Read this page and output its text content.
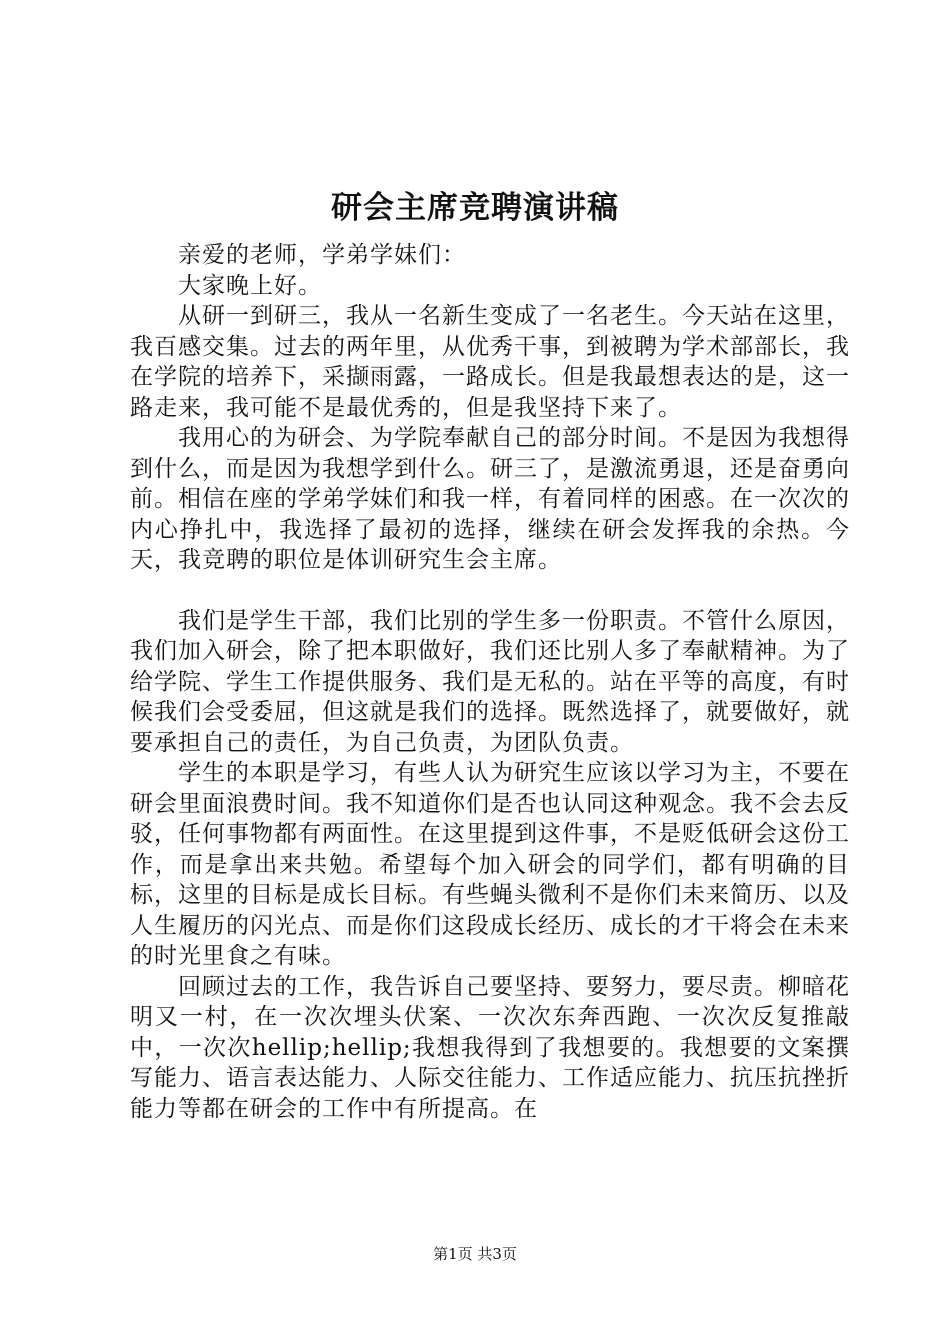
研会主席竞聘演讲稿

亲爱的老师，学弟学妹们：

大家晚上好。

从研一到研三，我从一名新生变成了一名老生。今天站在这里，我百感交集。过去的两年里，从优秀干事，到被聘为学术部部长，我在学院的培养下，采撷雨露，一路成长。但是我最想表达的是，这一路走来，我可能不是最优秀的，但是我坚持下来了。

我用心的为研会、为学院奉献自己的部分时间。不是因为我想得到什么，而是因为我想学到什么。研三了，是激流勇退，还是奋勇向前。相信在座的学弟学妹们和我一样，有着同样的困惑。在一次次的内心挣扎中，我选择了最初的选择，继续在研会发挥我的余热。今天，我竞聘的职位是体训研究生会主席。

我们是学生干部，我们比别的学生多一份职责。不管什么原因，我们加入研会，除了把本职做好，我们还比别人多了奉献精神。为了给学院、学生工作提供服务、我们是无私的。站在平等的高度，有时候我们会受委屈，但这就是我们的选择。既然选择了，就要做好，就要承担自己的责任，为自己负责，为团队负责。

学生的本职是学习，有些人认为研究生应该以学习为主，不要在研会里面浪费时间。我不知道你们是否也认同这种观念。我不会去反驳，任何事物都有两面性。在这里提到这件事，不是贬低研会这份工作，而是拿出来共勉。希望每个加入研会的同学们，都有明确的目标，这里的目标是成长目标。有些蝇头微利不是你们未来简历、以及人生履历的闪光点、而是你们这段成长经历、成长的才干将会在未来的时光里食之有味。

回顾过去的工作，我告诉自己要坚持、要努力，要尽责。柳暗花明又一村，在一次次埋头伏案、一次次东奔西跑、一次次反复推敲中，一次次hellip;hellip;我想我得到了我想要的。我想要的文案撰写能力、语言表达能力、人际交往能力、工作适应能力、抗压抗挫折能力等都在研会的工作中有所提高。在

第1页 共3页
